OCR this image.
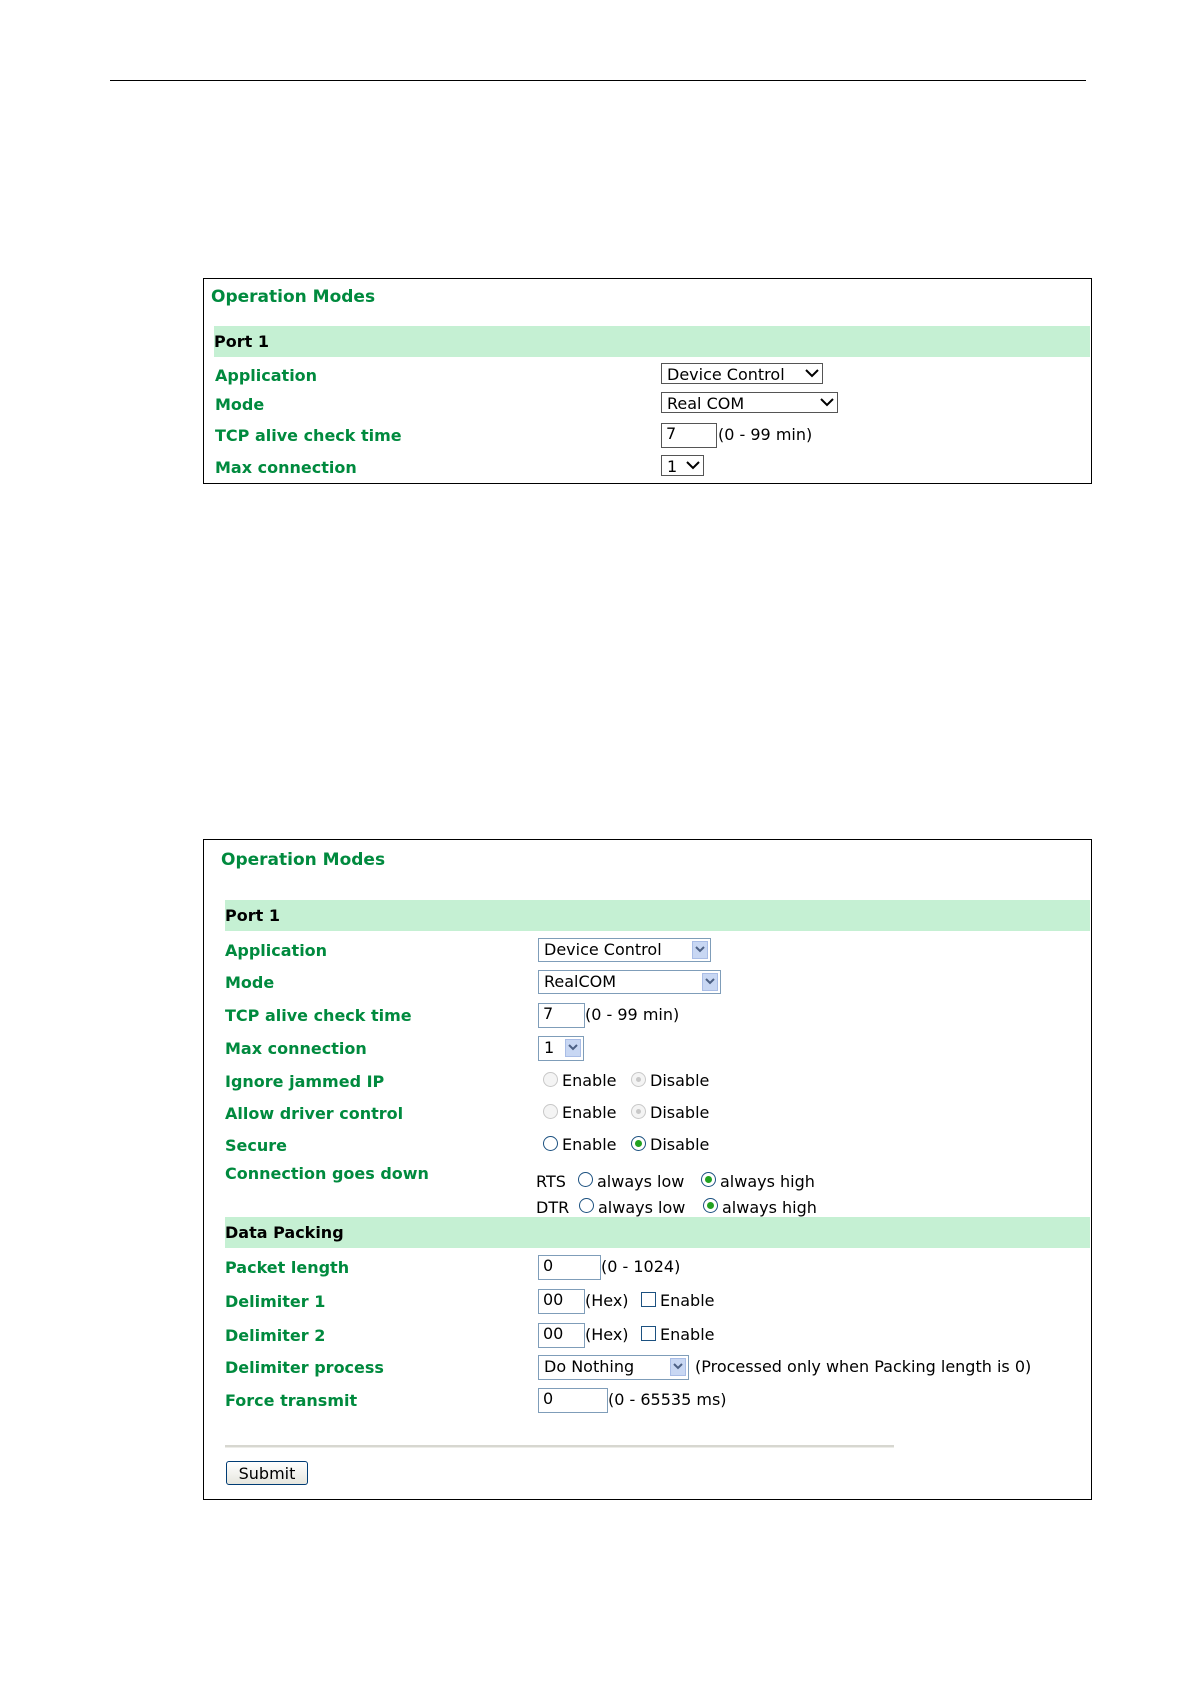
Operation Modes
Port 1
Application	Device Control
Mode	Real COM
TCP alive check time	7	(0 - 99 min)
Max connection	1
Operation Modes
Port 1
Application	Device Control
Mode	RealCOM
TCP alive check time	7	(0 - 99 min)
Max connection	1
Ignore jammed IP	Enable Disable
Allow driver control	Enable Disable
Secure	Enable Disable
Connection goes down	RTS always low always high
DTR always low always high
Data Packing
Packet length	0	(0 - 1024)
Delimiter 1	00	(Hex) Enable
Delimiter 2	00	(Hex) Enable
Delimiter process	Do Nothing	(Processed only when Packing length is 0)
Force transmit	0	(0 - 65535 ms)
Submit
